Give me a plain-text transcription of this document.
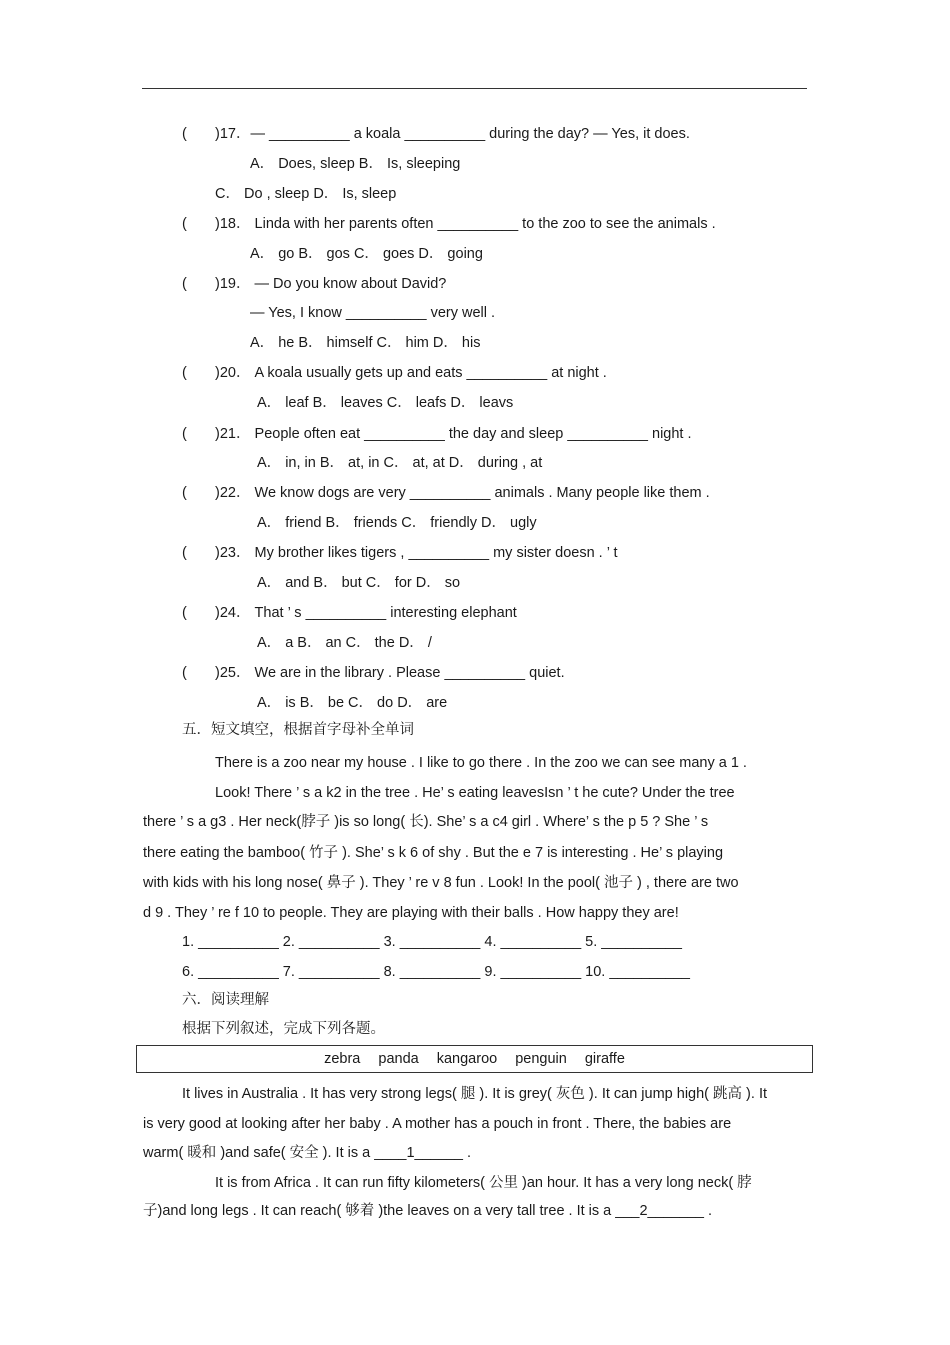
(       )17．— __________ a koala __________ during the day? — Yes, it does.
A． Does, sleep B． Is, sleeping
C． Do , sleep D． Is, sleep
(       )18． Linda with her parents often __________ to the zoo to see the animals .
A． go B． gos C． goes D． going
(       )19． — Do you know about David?
— Yes, I know __________ very well .
A． he B． himself C． him D． his
(       )20． A koala usually gets up and eats __________ at night .
A． leaf B． leaves C． leafs D． leavs
(       )21． People often eat __________ the day and sleep __________ night .
A． in, in B． at, in C． at, at D． during , at
(       )22． We know dogs are very __________ animals . Many people like them .
A． friend B． friends C． friendly D． ugly
(       )23． My brother likes tigers , __________ my sister doesn . ’ t
A． and B． but C． for D． so
(       )24． That ’ s __________ interesting elephant
A． a B． an C． the D． /
(       )25． We are in the library . Please __________ quiet.
A． is B． be C． do D． are
五．短文填空，根据首字母补全单词
There is a zoo near my house . I like to go there . In the zoo we can see many a 1 .
Look! There ’ s a k2 in the tree . He’ s eating leavesIsn ’ t he cute? Under the tree
there ’ s a g3 . Her neck(脖子 )is so long( 长). She’ s a c4 girl . Where’ s the p 5 ? She ’ s
there eating the bamboo( 竹子 ). She’ s k 6 of shy . But the e 7 is interesting . He’ s playing
with kids with his long nose( 鼻子 ). They ’ re v 8 fun . Look! In the pool( 池子 ) , there are two
d 9 . They ’ re f 10 to people. They are playing with their balls . How happy they are!
1. __________ 2. __________ 3. __________ 4. __________ 5. __________
6. __________ 7. __________ 8. __________ 9. __________ 10. __________
六．阅读理解
根据下列叙述，完成下列各题。
zebra panda kangaroo penguin giraffe
It lives in Australia . It has very strong legs( 腿 ). It is grey( 灰色 ). It can jump high( 跳高 ). It
is very good at looking after her baby . A mother has a pouch in front . There, the babies are
warm( 暖和 )and safe( 安全 ). It is a ____1______ .
It is from Africa . It can run fifty kilometers( 公里 )an hour. It has a very long neck( 脖
子)and long legs . It can reach( 够着 )the leaves on a very tall tree . It is a ___2_______ .
